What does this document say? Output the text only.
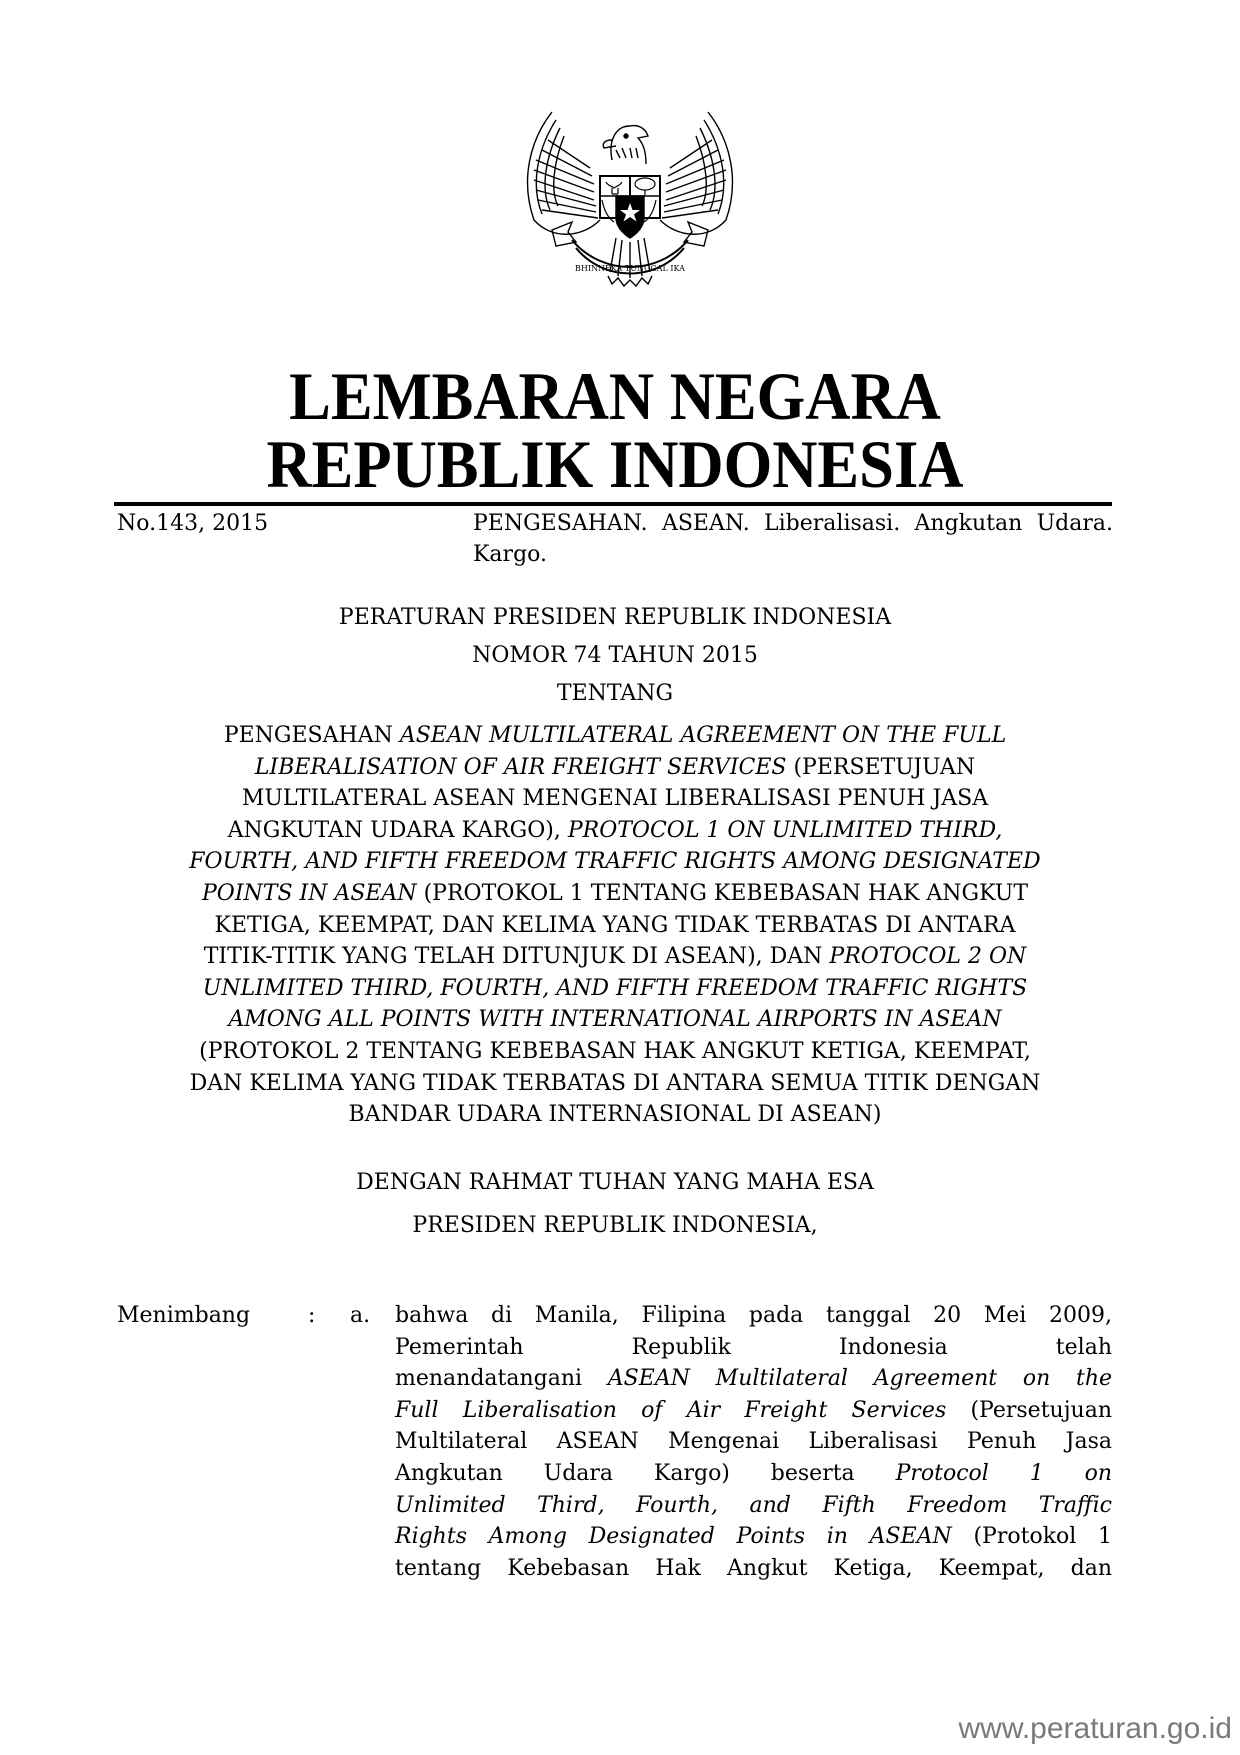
BHINNEKA TUNGGAL IKA
LEMBARAN NEGARA
REPUBLIK INDONESIA
No.143, 2015	PENGESAHAN. ASEAN. Liberalisasi. Angkutan Udara. Kargo.
PERATURAN PRESIDEN REPUBLIK INDONESIA
NOMOR 74 TAHUN 2015
TENTANG
PENGESAHAN ASEAN MULTILATERAL AGREEMENT ON THE FULL
LIBERALISATION OF AIR FREIGHT SERVICES (PERSETUJUAN
MULTILATERAL ASEAN MENGENAI LIBERALISASI PENUH JASA
ANGKUTAN UDARA KARGO), PROTOCOL 1 ON UNLIMITED THIRD,
FOURTH, AND FIFTH FREEDOM TRAFFIC RIGHTS AMONG DESIGNATED
POINTS IN ASEAN (PROTOKOL 1 TENTANG KEBEBASAN HAK ANGKUT
KETIGA, KEEMPAT, DAN KELIMA YANG TIDAK TERBATAS DI ANTARA
TITIK-TITIK YANG TELAH DITUNJUK DI ASEAN), DAN PROTOCOL 2 ON
UNLIMITED THIRD, FOURTH, AND FIFTH FREEDOM TRAFFIC RIGHTS
AMONG ALL POINTS WITH INTERNATIONAL AIRPORTS IN ASEAN
(PROTOKOL 2 TENTANG KEBEBASAN HAK ANGKUT KETIGA, KEEMPAT,
DAN KELIMA YANG TIDAK TERBATAS DI ANTARA SEMUA TITIK DENGAN
BANDAR UDARA INTERNASIONAL DI ASEAN)
DENGAN RAHMAT TUHAN YANG MAHA ESA
PRESIDEN REPUBLIK INDONESIA,
Menimbang	: a. bahwa di Manila, Filipina pada tanggal 20 Mei 2009,
Pemerintah Republik Indonesia telah
menandatangani ASEAN Multilateral Agreement on the
Full Liberalisation of Air Freight Services (Persetujuan
Multilateral ASEAN Mengenai Liberalisasi Penuh Jasa
Angkutan Udara Kargo) beserta Protocol 1 on
Unlimited Third, Fourth, and Fifth Freedom Traffic
Rights Among Designated Points in ASEAN (Protokol 1
tentang Kebebasan Hak Angkut Ketiga, Keempat, dan
www.peraturan.go.id
